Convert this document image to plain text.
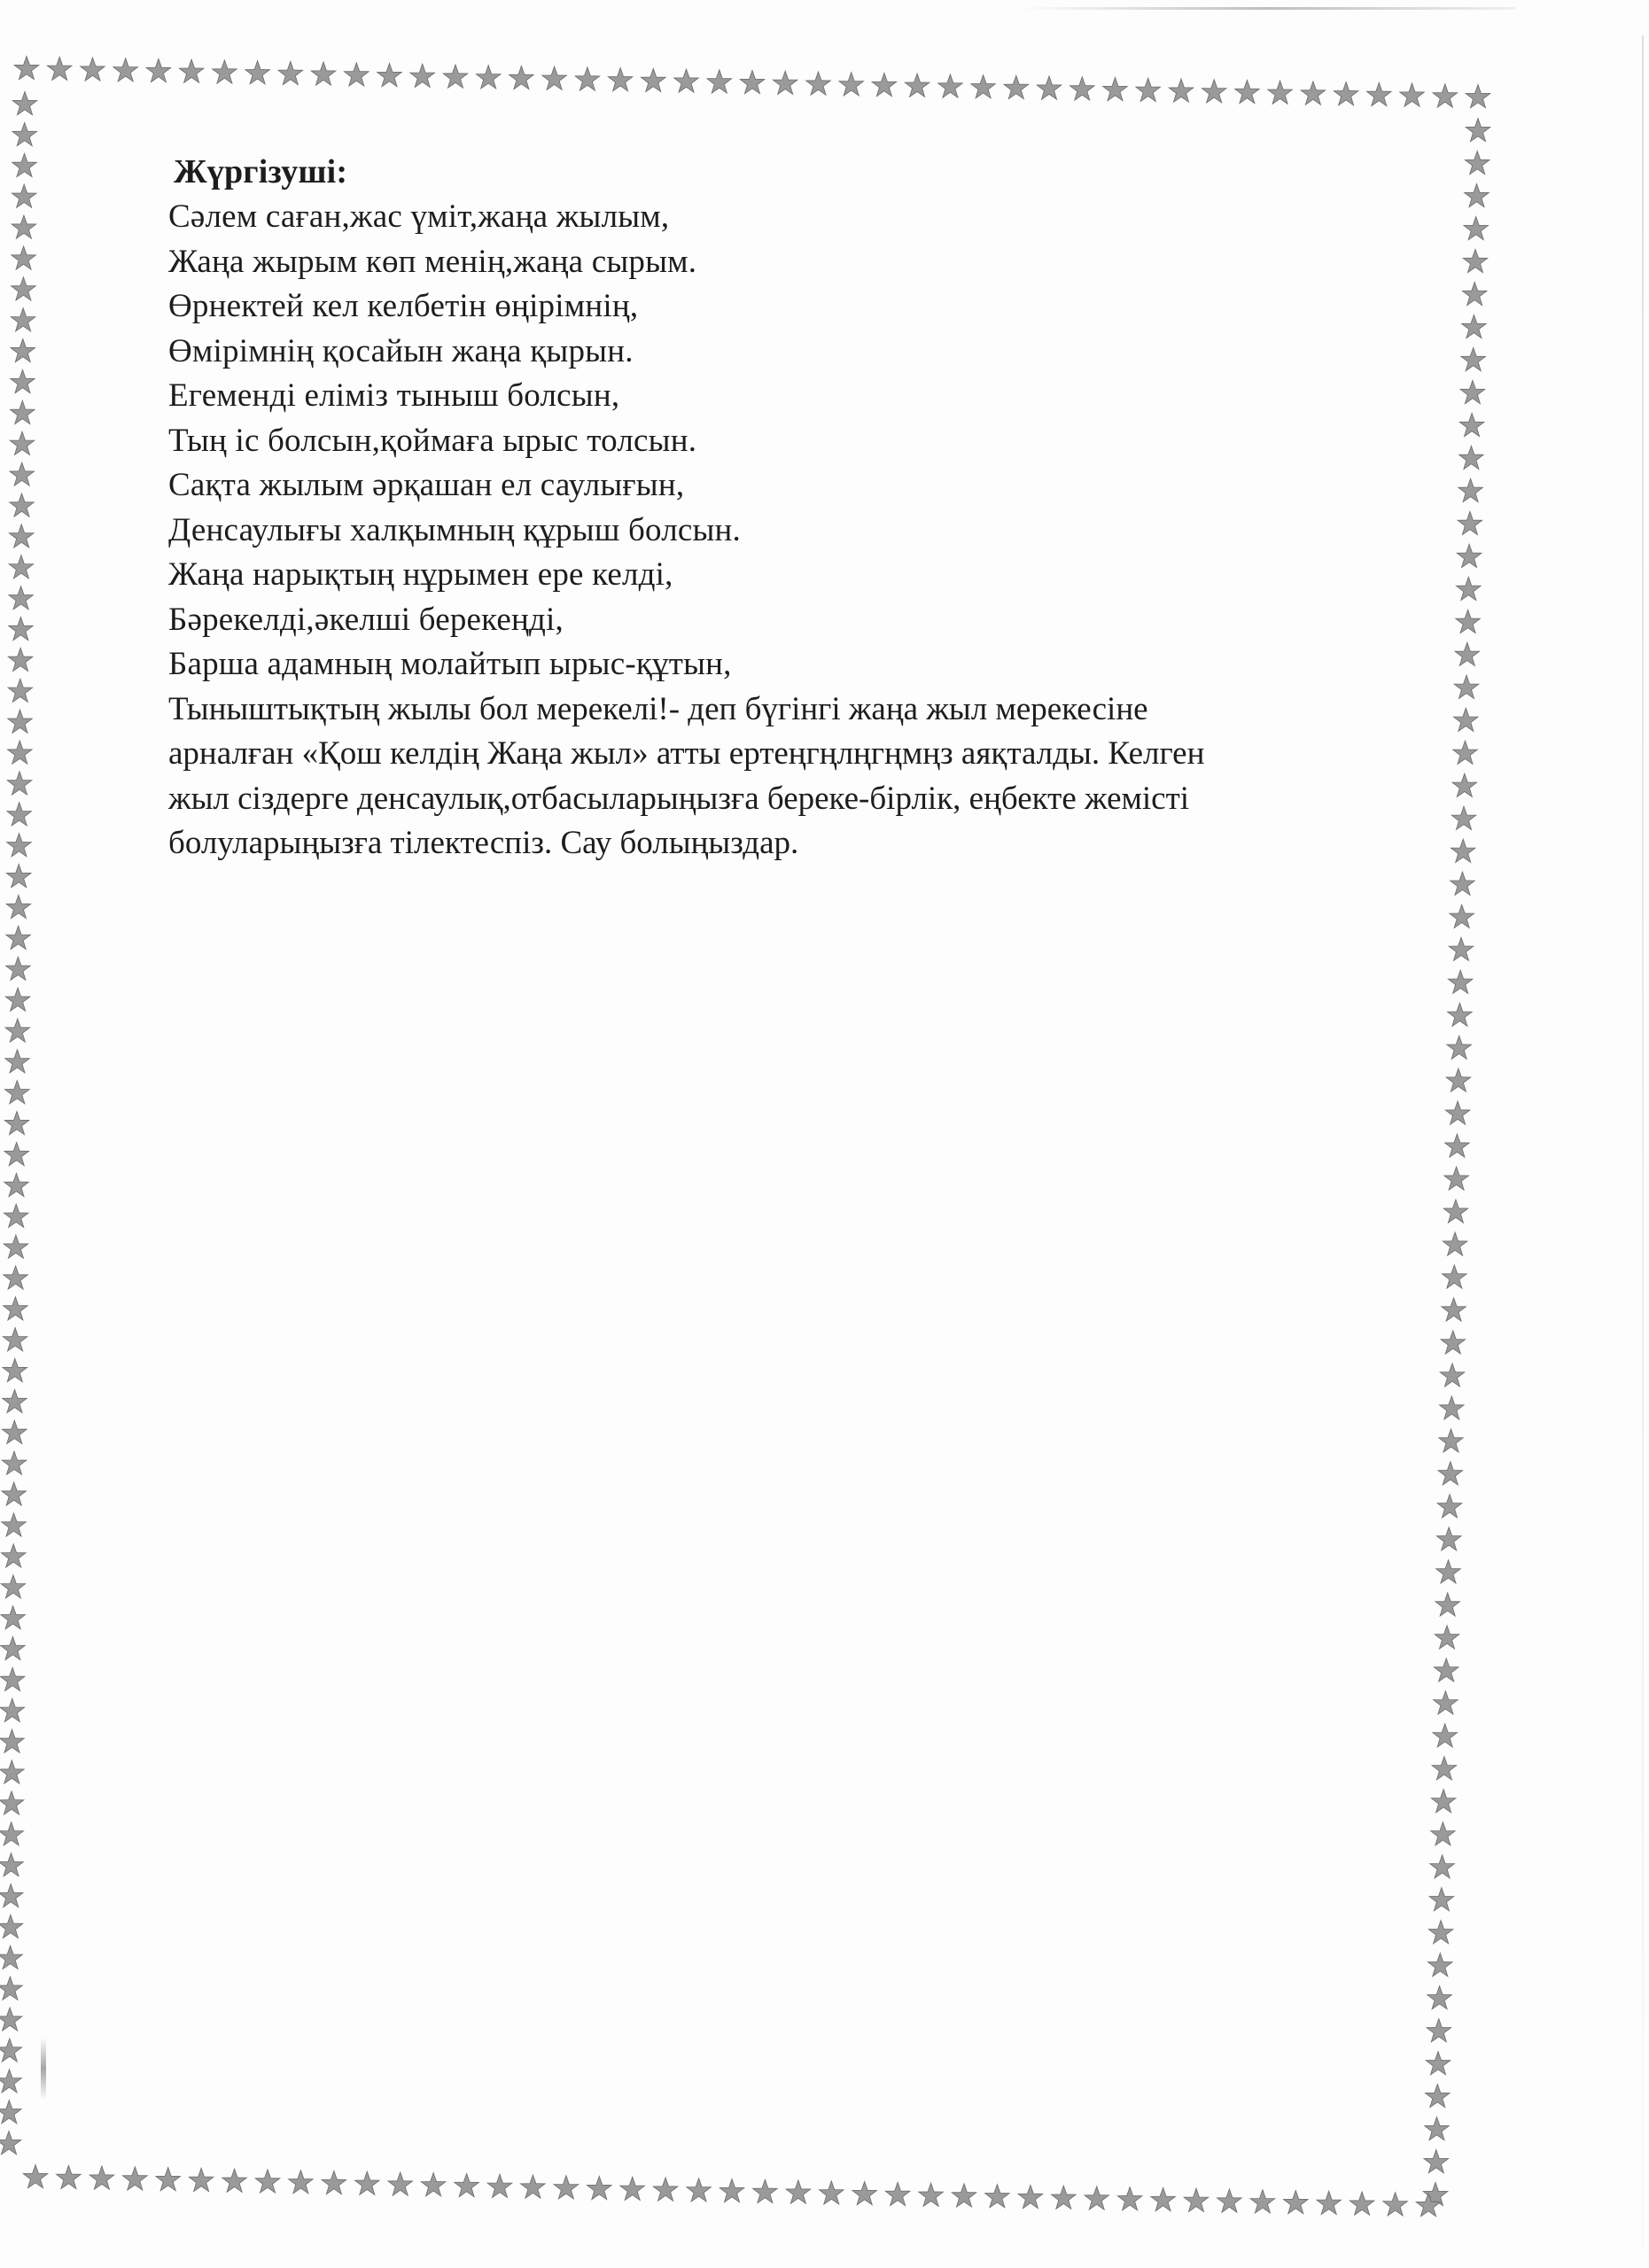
Жүргізуші:
Сәлем саған,жас үміт,жаңа жылым,
Жаңа жырым көп менің,жаңа сырым.
Өрнектей кел келбетін өңірімнің,
Өмірімнің қосайын жаңа қырын.
Егеменді еліміз тыныш болсын,
Тың іс болсын,қоймаға ырыс толсын.
Сақта жылым әрқашан ел саулығын,
Денсаулығы халқымның құрыш болсын.
Жаңа нарықтың нұрымен ере келді,
Бәрекелді,әкелші берекеңді,
Барша адамның молайтып ырыс-құтын,

Тыныштықтың жылы бол мерекелі!- деп бүгінгі жаңа жыл мерекесіне
арналған «Қош келдің Жаңа жыл» атты ертеңгңлңгңмңз аяқталды. Келген
жыл сіздерге денсаулық,отбасыларыңызға береке-бірлік, еңбекте жемісті
болуларыңызға тілектеспіз. Сау болыңыздар.
